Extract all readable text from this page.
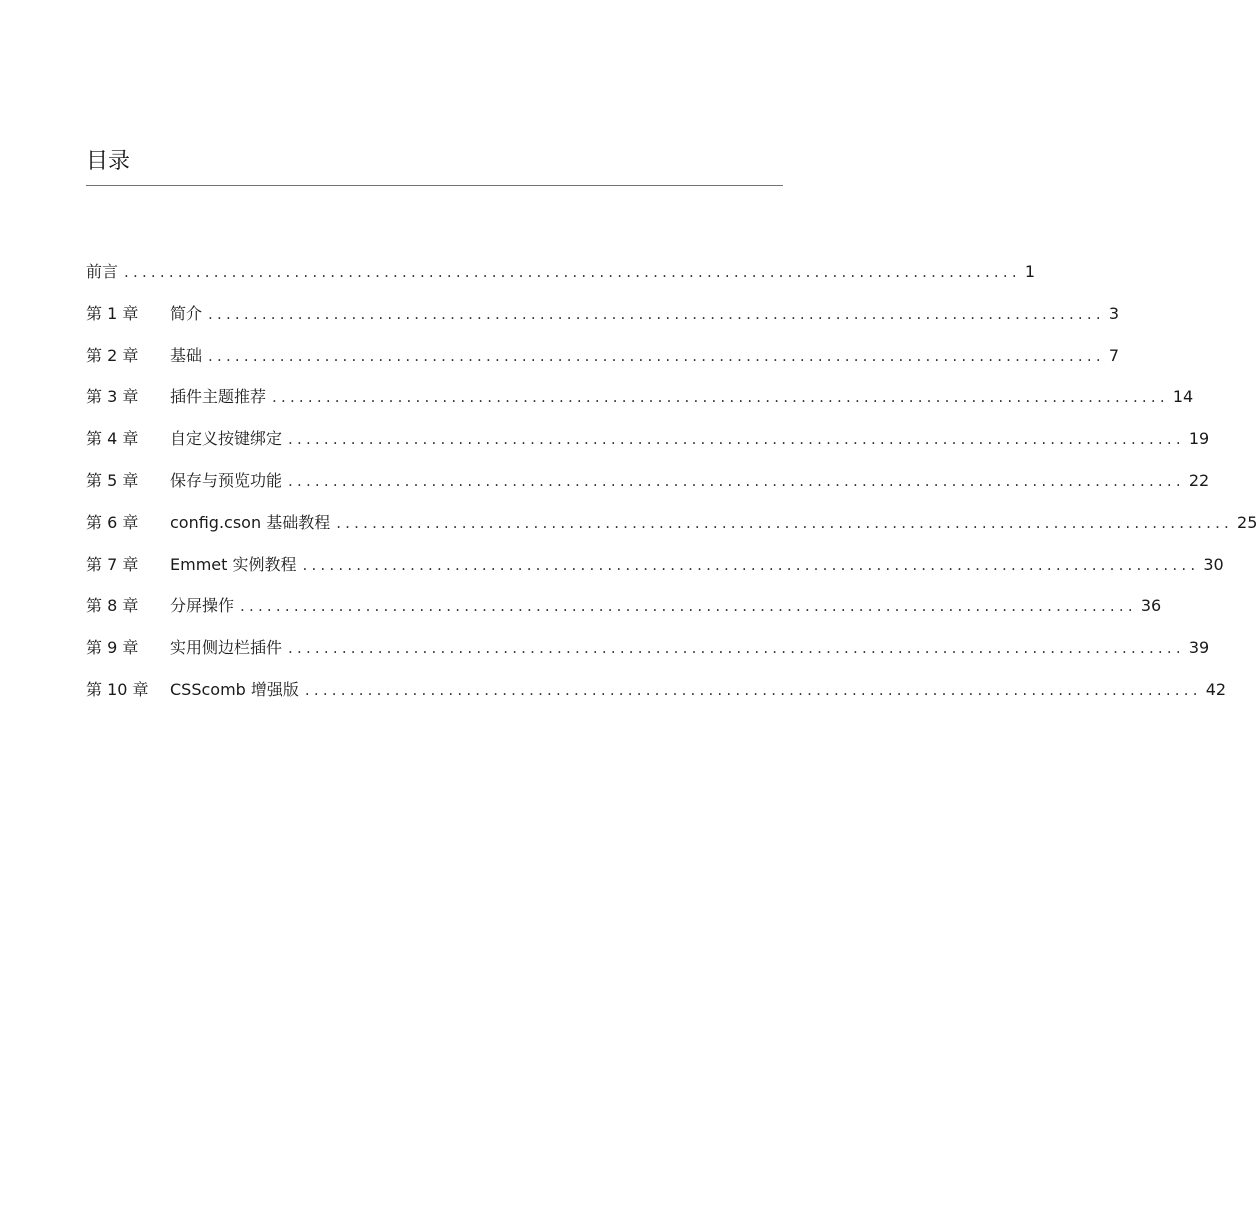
目录
前言 .................................................................................................... 1
第 1 章	简介 .................................................................................................... 3
第 2 章	基础 .................................................................................................... 7
第 3 章	插件主题推荐 .................................................................................................... 14
第 4 章	自定义按键绑定 .................................................................................................... 19
第 5 章	保存与预览功能 .................................................................................................... 22
第 6 章	config.cson 基础教程 .................................................................................................... 25
第 7 章	Emmet 实例教程 .................................................................................................... 30
第 8 章	分屏操作 .................................................................................................... 36
第 9 章	实用侧边栏插件 .................................................................................................... 39
第 10 章	CSScomb 增强版 .................................................................................................... 42
